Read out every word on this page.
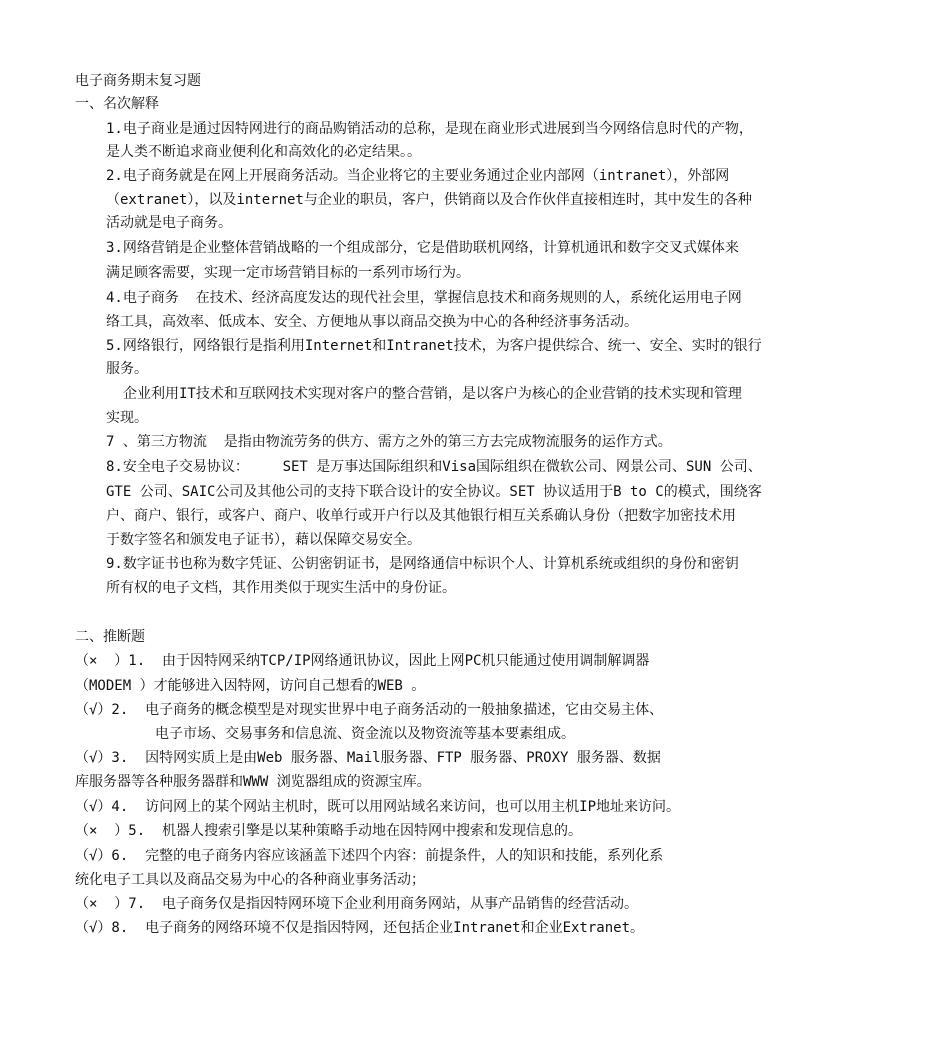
电子商务期末复习题
一、名次解释
1.电子商业是通过因特网进行的商品购销活动的总称，是现在商业形式进展到当今网络信息时代的产物，
是人类不断追求商业便利化和高效化的必定结果。。
2.电子商务就是在网上开展商务活动。当企业将它的主要业务通过企业内部网（intranet），外部网
（extranet），以及internet与企业的职员，客户，供销商以及合作伙伴直接相连时，其中发生的各种
活动就是电子商务。
3.网络营销是企业整体营销战略的一个组成部分，它是借助联机网络，计算机通讯和数字交叉式媒体来
满足顾客需要，实现一定市场营销目标的一系列市场行为。
4.电子商务  在技术、经济高度发达的现代社会里，掌握信息技术和商务规则的人，系统化运用电子网
络工具，高效率、低成本、安全、方便地从事以商品交换为中心的各种经济事务活动。
5.网络银行，网络银行是指利用Internet和Intranet技术，为客户提供综合、统一、安全、实时的银行
服务。
企业利用IT技术和互联网技术实现对客户的整合营销，是以客户为核心的企业营销的技术实现和管理
实现。
7 、第三方物流  是指由物流劳务的供方、需方之外的第三方去完成物流服务的运作方式。
8.安全电子交易协议：    SET 是万事达国际组织和Visa国际组织在微软公司、网景公司、SUN 公司、
GTE 公司、SAIC公司及其他公司的支持下联合设计的安全协议。SET 协议适用于B to C的模式，围绕客
户、商户、银行，或客户、商户、收单行或开户行以及其他银行相互关系确认身份（把数字加密技术用
于数字签名和颁发电子证书），藉以保障交易安全。
9.数字证书也称为数字凭证、公钥密钥证书，是网络通信中标识个人、计算机系统或组织的身份和密钥
所有权的电子文档，其作用类似于现实生活中的身份证。
二、推断题
（×  ）1.  由于因特网采纳TCP/IP网络通讯协议，因此上网PC机只能通过使用调制解调器
（MODEM ）才能够进入因特网，访问自己想看的WEB 。
（√）2.  电子商务的概念模型是对现实世界中电子商务活动的一般抽象描述，它由交易主体、
电子市场、交易事务和信息流、资金流以及物资流等基本要素组成。
（√）3.  因特网实质上是由Web 服务器、Mail服务器、FTP 服务器、PROXY 服务器、数据
库服务器等各种服务器群和WWW 浏览器组成的资源宝库。
（√）4.  访问网上的某个网站主机时，既可以用网站域名来访问，也可以用主机IP地址来访问。
（×  ）5.  机器人搜索引擎是以某种策略手动地在因特网中搜索和发现信息的。
（√）6.  完整的电子商务内容应该涵盖下述四个内容：前提条件，人的知识和技能，系列化系
统化电子工具以及商品交易为中心的各种商业事务活动；
（×  ）7.  电子商务仅是指因特网环境下企业利用商务网站，从事产品销售的经营活动。
（√）8.  电子商务的网络环境不仅是指因特网，还包括企业Intranet和企业Extranet。
